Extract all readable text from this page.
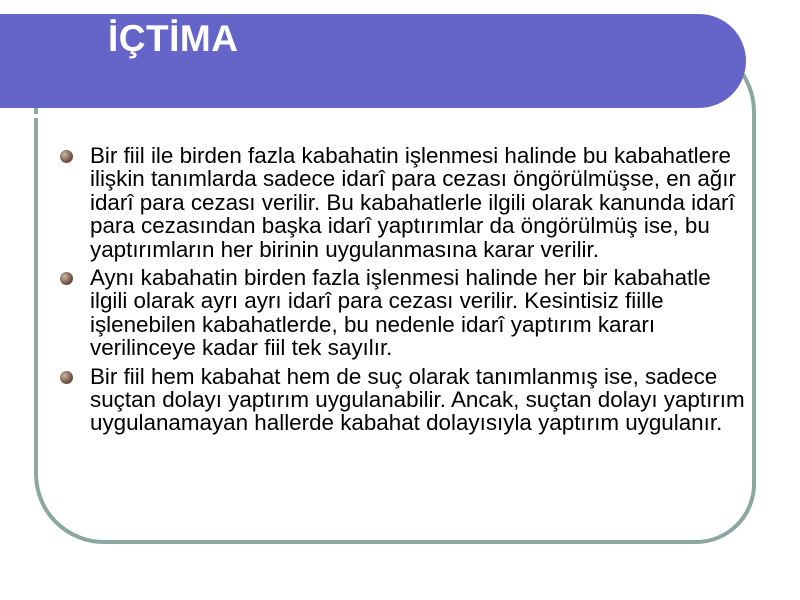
İÇTİMA
Bir fiil ile birden fazla kabahatin işlenmesi halinde bu kabahatlere ilişkin tanımlarda sadece idarî para cezası öngörülmüşse, en ağır idarî para cezası verilir. Bu kabahatlerle ilgili olarak kanunda idarî para cezasından başka idarî yaptırımlar da öngörülmüş ise, bu yaptırımların her birinin uygulanmasına karar verilir.
Aynı kabahatin birden fazla işlenmesi halinde her bir kabahatle ilgili olarak ayrı ayrı idarî para cezası verilir. Kesintisiz fiille işlenebilen kabahatlerde, bu nedenle idarî yaptırım kararı verilinceye kadar fiil tek sayılır.
Bir fiil hem kabahat hem de suç olarak tanımlanmış ise, sadece suçtan dolayı yaptırım uygulanabilir. Ancak, suçtan dolayı yaptırım uygulanamayan hallerde kabahat dolayısıyla yaptırım uygulanır.
